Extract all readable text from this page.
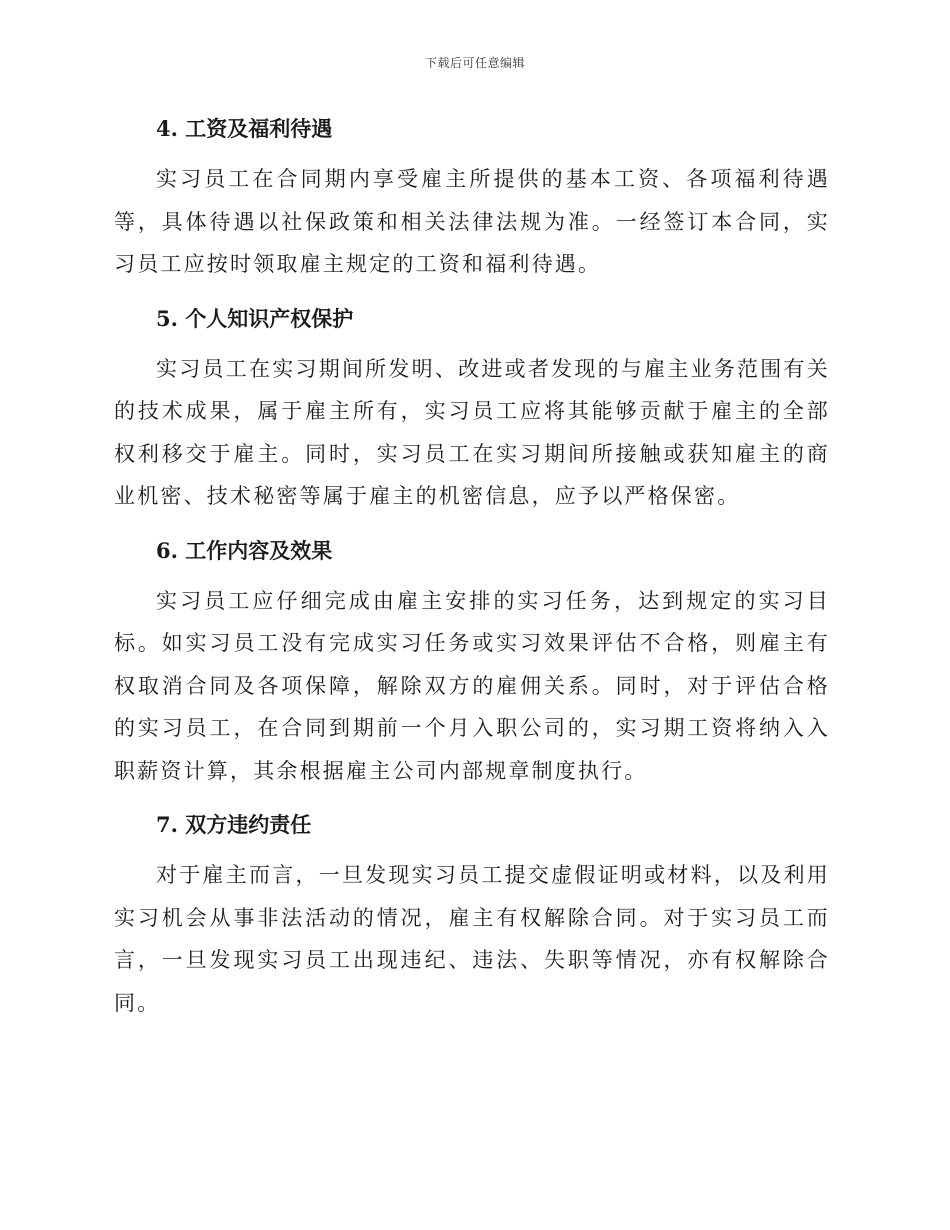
下载后可任意编辑
4. 工资及福利待遇

实习员工在合同期内享受雇主所提供的基本工资、各项福利待遇等，具体待遇以社保政策和相关法律法规为准。一经签订本合同，实习员工应按时领取雇主规定的工资和福利待遇。

5. 个人知识产权保护

实习员工在实习期间所发明、改进或者发现的与雇主业务范围有关的技术成果，属于雇主所有，实习员工应将其能够贡献于雇主的全部权利移交于雇主。同时，实习员工在实习期间所接触或获知雇主的商业机密、技术秘密等属于雇主的机密信息，应予以严格保密。

6. 工作内容及效果

实习员工应仔细完成由雇主安排的实习任务，达到规定的实习目标。如实习员工没有完成实习任务或实习效果评估不合格，则雇主有权取消合同及各项保障，解除双方的雇佣关系。同时，对于评估合格的实习员工，在合同到期前一个月入职公司的，实习期工资将纳入入职薪资计算，其余根据雇主公司内部规章制度执行。

7. 双方违约责任

对于雇主而言，一旦发现实习员工提交虚假证明或材料，以及利用实习机会从事非法活动的情况，雇主有权解除合同。对于实习员工而言，一旦发现实习员工出现违纪、违法、失职等情况，亦有权解除合同。
